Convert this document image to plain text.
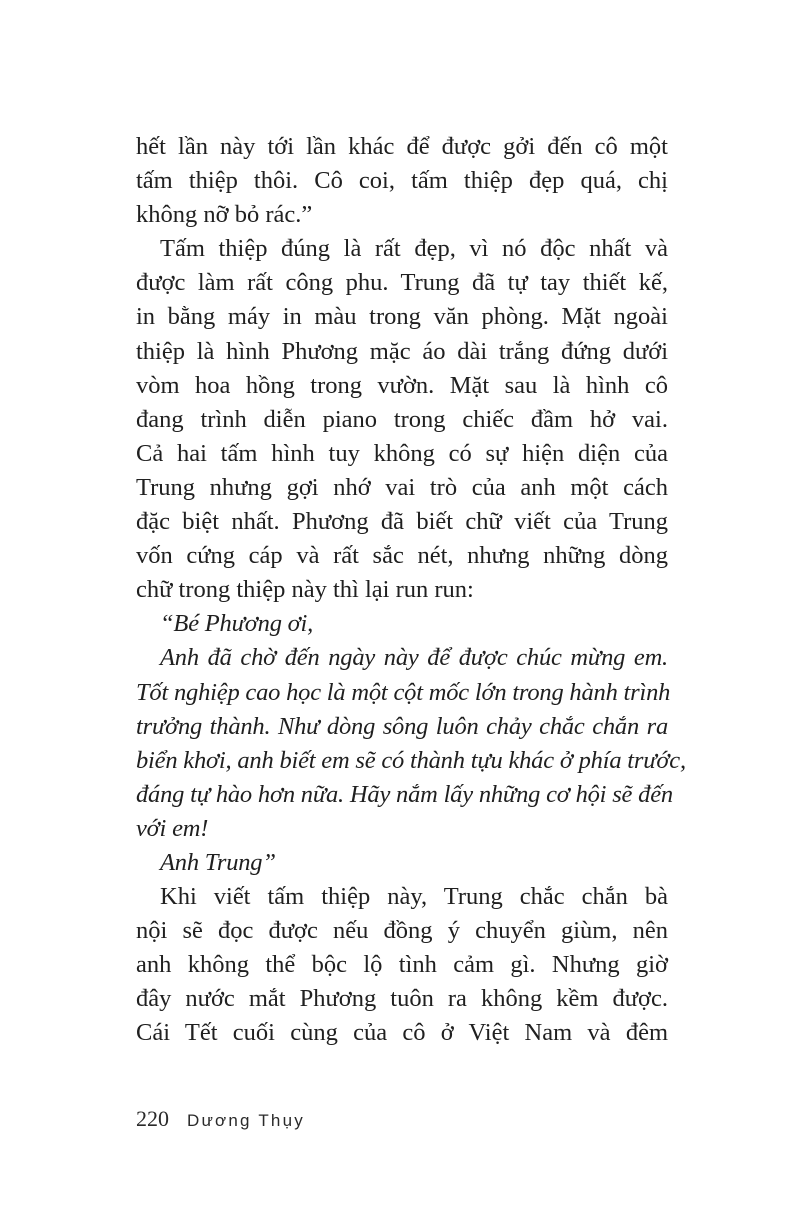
hết lần này tới lần khác để được gởi đến cô một
tấm thiệp thôi. Cô coi, tấm thiệp đẹp quá, chị
không nỡ bỏ rác.”
Tấm thiệp đúng là rất đẹp, vì nó độc nhất và
được làm rất công phu. Trung đã tự tay thiết kế,
in bằng máy in màu trong văn phòng. Mặt ngoài
thiệp là hình Phương mặc áo dài trắng đứng dưới
vòm hoa hồng trong vườn. Mặt sau là hình cô
đang trình diễn piano trong chiếc đầm hở vai.
Cả hai tấm hình tuy không có sự hiện diện của
Trung nhưng gợi nhớ vai trò của anh một cách
đặc biệt nhất. Phương đã biết chữ viết của Trung
vốn cứng cáp và rất sắc nét, nhưng những dòng
chữ trong thiệp này thì lại run run:
“Bé Phương ơi,
Anh đã chờ đến ngày này để được chúc mừng em.
Tốt nghiệp cao học là một cột mốc lớn trong hành trình
trưởng thành. Như dòng sông luôn chảy chắc chắn ra
biển khơi, anh biết em sẽ có thành tựu khác ở phía trước,
đáng tự hào hơn nữa. Hãy nắm lấy những cơ hội sẽ đến
với em!
Anh Trung”
Khi viết tấm thiệp này, Trung chắc chắn bà
nội sẽ đọc được nếu đồng ý chuyển giùm, nên
anh không thể bộc lộ tình cảm gì. Nhưng giờ
đây nước mắt Phương tuôn ra không kềm được.
Cái Tết cuối cùng của cô ở Việt Nam và đêm
220 Dương Thụy
